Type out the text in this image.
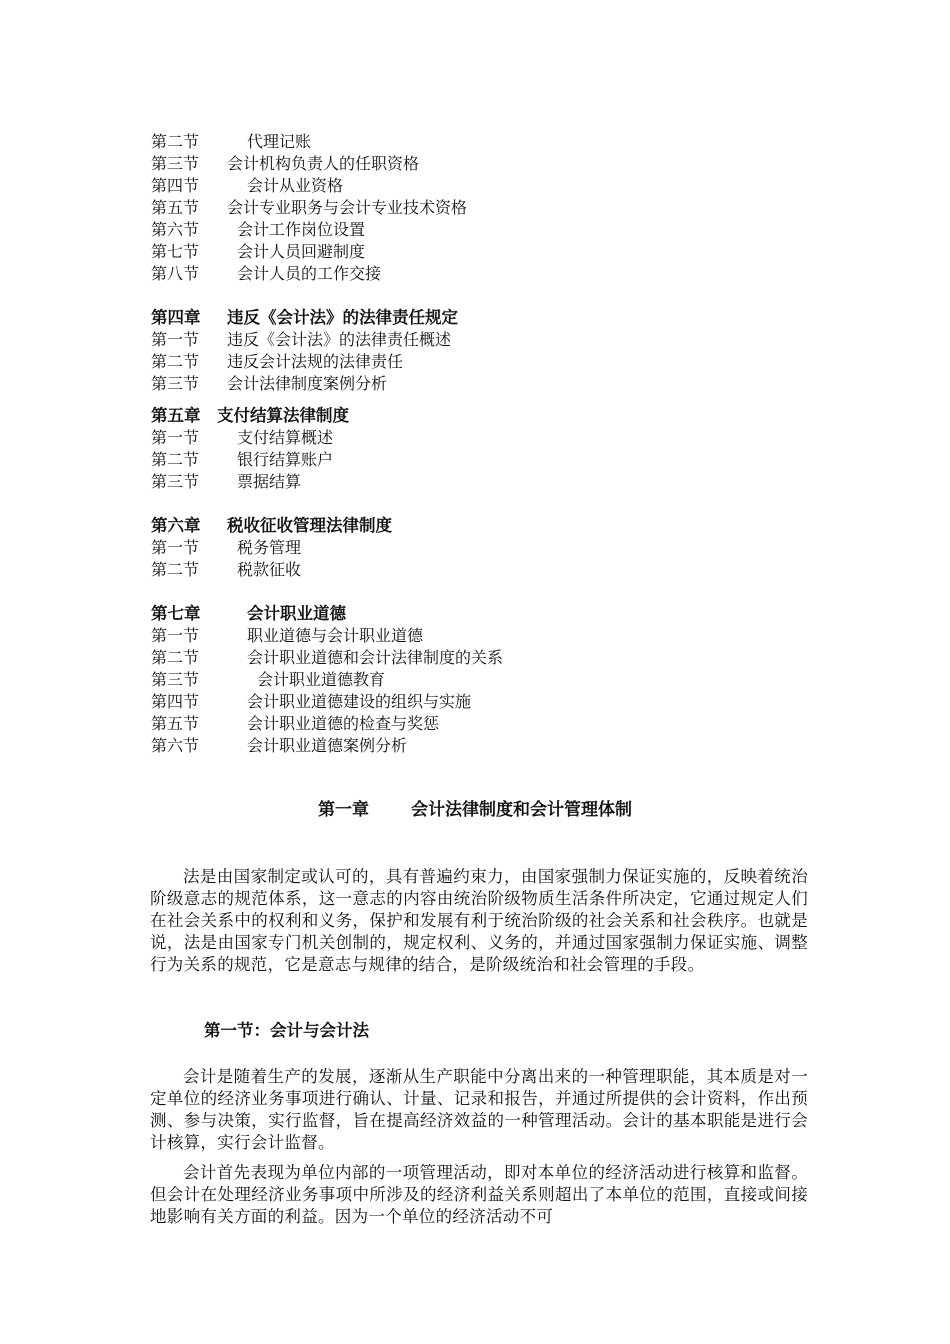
第二节	代理记账
第三节 会计机构负责人的任职资格
第四节	会计从业资格
第五节 会计专业职务与会计专业技术资格
第六节 会计工作岗位设置
第七节 会计人员回避制度
第八节 会计人员的工作交接
第四章 违反《会计法》的法律责任规定
第一节 违反《会计法》的法律责任概述
第二节 违反会计法规的法律责任
第三节 会计法律制度案例分析
第五章 支付结算法律制度
第一节 支付结算概述
第二节 银行结算账户
第三节 票据结算
第六章 税收征收管理法律制度
第一节 税务管理
第二节 税款征收
第七章	会计职业道德
第一节	职业道德与会计职业道德
第二节	会计职业道德和会计法律制度的关系
第三节	会计职业道德教育
第四节	会计职业道德建设的组织与实施
第五节	会计职业道德的检查与奖惩
第六节	会计职业道德案例分析
第一章 会计法律制度和会计管理体制

法是由国家制定或认可的，具有普遍约束力，由国家强制力保证实施的，反映着统治阶级意志的规范体系，这一意志的内容由统治阶级物质生活条件所决定，它通过规定人们在社会关系中的权利和义务，保护和发展有利于统治阶级的社会关系和社会秩序。也就是说，法是由国家专门机关创制的，规定权利、义务的，并通过国家强制力保证实施、调整行为关系的规范，它是意志与规律的结合，是阶级统治和社会管理的手段。

第一节：会计与会计法

会计是随着生产的发展，逐渐从生产职能中分离出来的一种管理职能，其本质是对一定单位的经济业务事项进行确认、计量、记录和报告，并通过所提供的会计资料，作出预测、参与决策，实行监督，旨在提高经济效益的一种管理活动。会计的基本职能是进行会计核算，实行会计监督。

会计首先表现为单位内部的一项管理活动，即对本单位的经济活动进行核算和监督。但会计在处理经济业务事项中所涉及的经济利益关系则超出了本单位的范围，直接或间接地影响有关方面的利益。因为一个单位的经济活动不可
